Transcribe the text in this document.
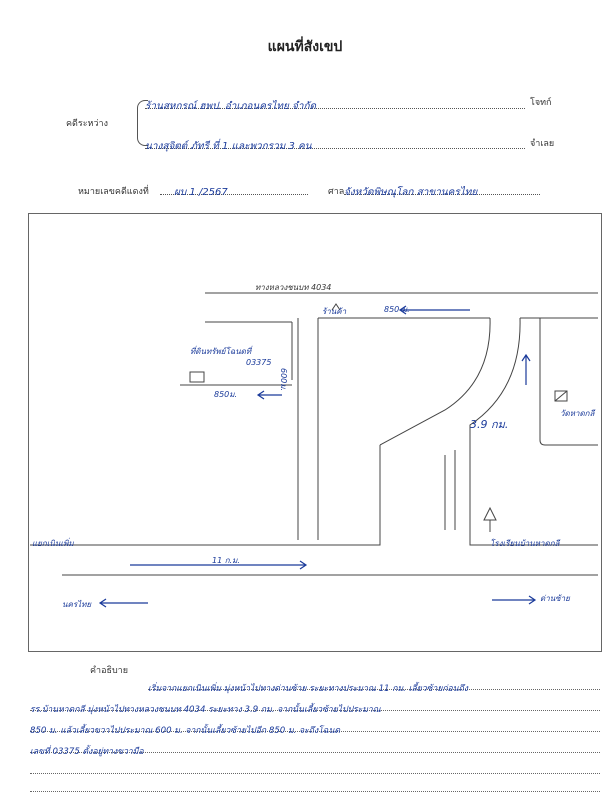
แผนที่สังเขป
คดีระหว่าง
ร้านสหกรณ์ ฮพป. อำเภอนครไทย จำกัด	โจทก์
นางสุจิตต์ ภัทรี ที่ 1 และพวกรวม 3 คน	จำเลย
หมายเลขคดีแดงที่	ผบ 1 /2567	ศาล จังหวัดพิษณุโลก สาขานครไทย
ทางหลวงชนบท 4034
ร้านค้า	850 ม.
ที่ดินทรัพย์โฉนดที่
03375
850ม.
600ม.
3.9 กม.
วัดหาดกลี
โรงเรียนบ้านหาดกลี
แยกเนินเพิ่ม
11 ก.ม.
นครไทย
ด่านซ้าย
คำอธิบาย
เริ่มจากแยกเนินเพิ่ม มุ่งหน้าไปทางด่านซ้าย ระยะทางประมาณ 11 กม. เลี้ยวซ้ายก่อนถึง
รร.บ้านหาดกลี มุ่งหน้าไปทางหลวงชนบท 4034 ระยะทาง 3.9 กม. จากนั้นเลี้ยวซ้ายไปประมาณ
850 ม. แล้วเลี้ยวขวาไปประมาณ 600 ม. จากนั้นเลี้ยวซ้ายไปอีก 850 ม. จะถึงโฉนด
เลขที่ 03375 ตั้งอยู่ทางขวามือ
